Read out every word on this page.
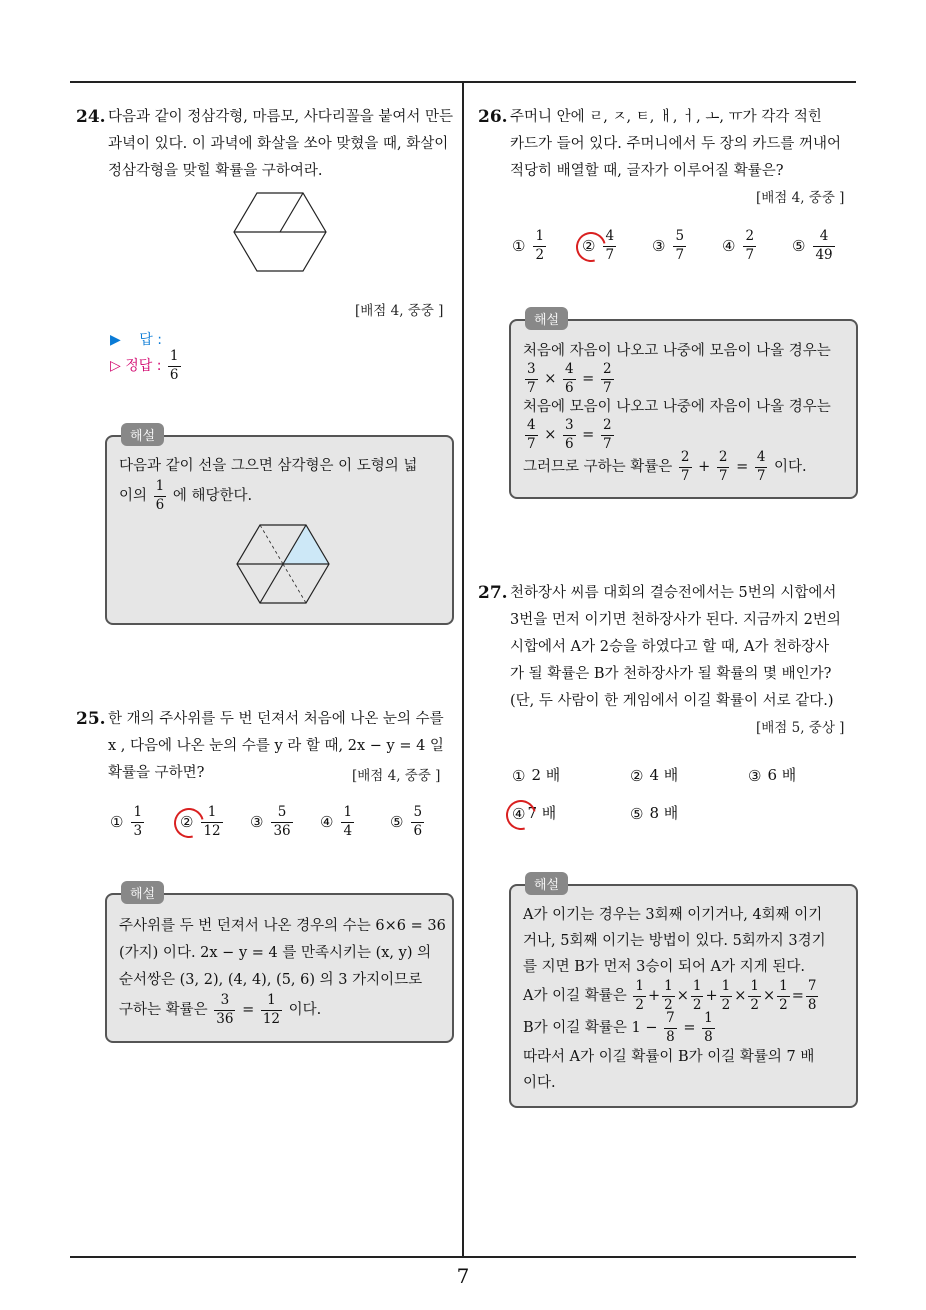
7
24. 다음과 같이 정삼각형, 마름모, 사다리꼴을 붙여서 만든 과녁이 있다. 이 과녁에 화살을 쏘아 맞혔을 때, 화살이 정삼각형을 맞힐 확률을 구하여라.
[배점 4, 중중 ]
▶ 답 :
▷ 정답 : $\frac{1}{6}$
해설
다음과 같이 선을 그으면 삼각형은 이 도형의 넓
이의 $\frac{1}{6}$ 에 해당한다.
25. 한 개의 주사위를 두 번 던져서 처음에 나온 눈의 수를
x , 다음에 나온 눈의 수를 y 라 할 때, 2x − y = 4 일
확률을 구하면?	[배점 4, 중중 ]
① $\frac{1}{3}$ ② $\frac{1}{12}$ ③ $\frac{5}{36}$ ④ $\frac{1}{4}$ ⑤ $\frac{5}{6}$
해설
주사위를 두 번 던져서 나온 경우의 수는 6×6 = 36
(가지) 이다. 2x − y = 4 를 만족시키는 (x, y) 의
순서쌍은 (3, 2), (4, 4), (5, 6) 의 3 가지이므로
구하는 확률은 $\frac{3}{36} = \frac{1}{12}$ 이다.
26. 주머니 안에 ㄹ, ㅈ, ㅌ, ㅐ, ㅓ, ㅗ, ㅠ가 각각 적힌
카드가 들어 있다. 주머니에서 두 장의 카드를 꺼내어
적당히 배열할 때, 글자가 이루어질 확률은?
[배점 4, 중중 ]
① $\frac{1}{2}$ ② $\frac{4}{7}$ ③ $\frac{5}{7}$ ④ $\frac{2}{7}$ ⑤ $\frac{4}{49}$
해설
처음에 자음이 나오고 나중에 모음이 나올 경우는
$\frac{3}{7} \times \frac{4}{6} = \frac{2}{7}$
처음에 모음이 나오고 나중에 자음이 나올 경우는
$\frac{4}{7} \times \frac{3}{6} = \frac{2}{7}$
그러므로 구하는 확률은 $\frac{2}{7} + \frac{2}{7} = \frac{4}{7}$ 이다.
27. 천하장사 씨름 대회의 결승전에서는 5번의 시합에서
3번을 먼저 이기면 천하장사가 된다. 지금까지 2번의
시합에서 A가 2승을 하였다고 할 때, A가 천하장사
가 될 확률은 B가 천하장사가 될 확률의 몇 배인가?
(단, 두 사람이 한 게임에서 이길 확률이 서로 같다.)
[배점 5, 중상 ]
① 2 배	② 4 배	③ 6 배
④ 7 배	⑤ 8 배
해설
A가 이기는 경우는 3회째 이기거나, 4회째 이기
거나, 5회째 이기는 방법이 있다. 5회까지 3경기
를 지면 B가 먼저 3승이 되어 A가 지게 된다.
A가 이길 확률은 $\frac{1}{2} + \frac{1}{2} \times \frac{1}{2} + \frac{1}{2} \times \frac{1}{2} \times \frac{1}{2} = \frac{7}{8}$
B가 이길 확률은 $1 - \frac{7}{8} = \frac{1}{8}$
따라서 A가 이길 확률이 B가 이길 확률의 7 배
이다.
